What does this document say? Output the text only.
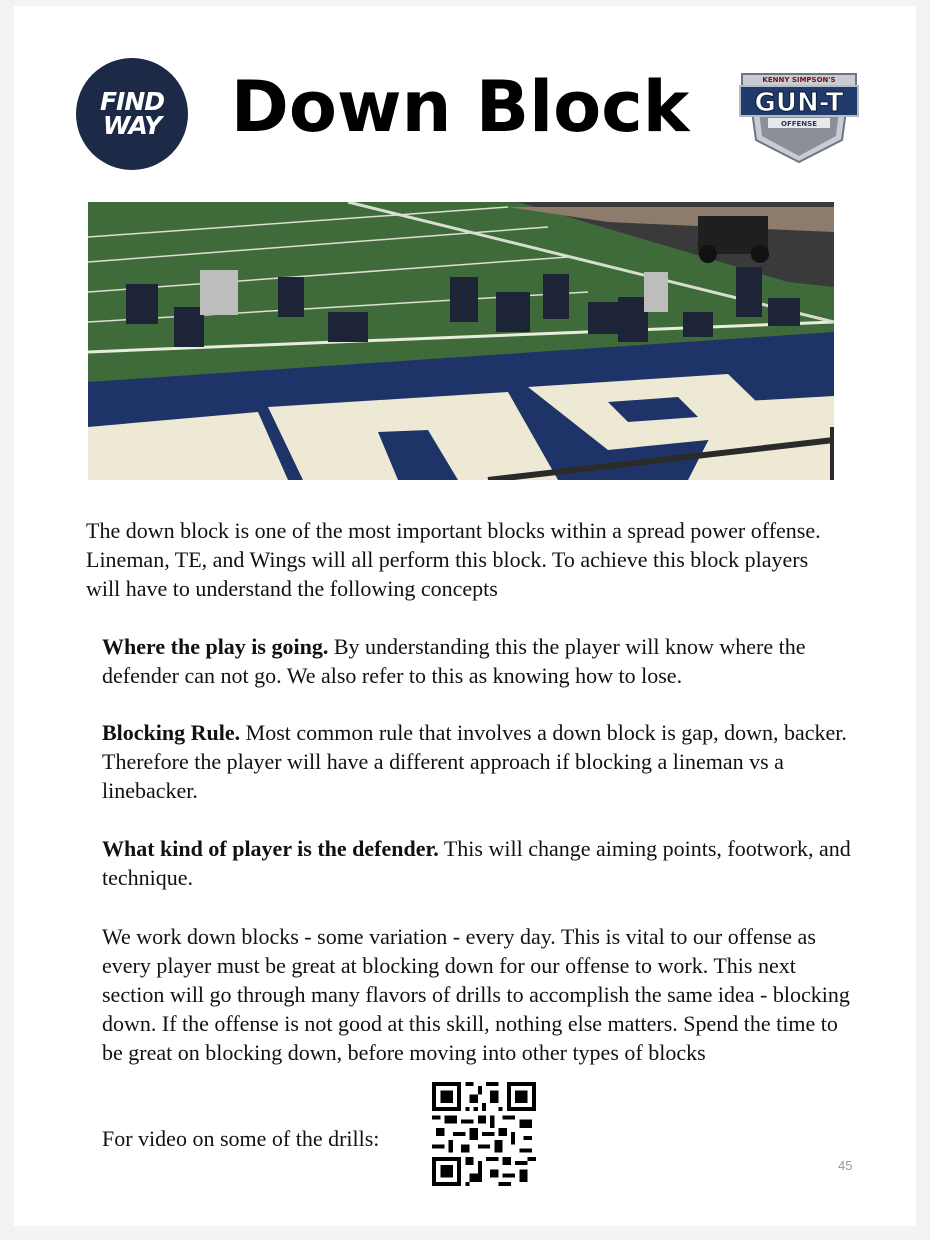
FIND
WAY Down Block	KENNY SIMPSON'S
GUN-T
OFFENSE

The down block is one of the most important blocks within a spread power offense. Lineman, TE, and Wings will all perform this block. To achieve this block players will have to understand the following concepts

Where the play is going. By understanding this the player will know where the defender can not go. We also refer to this as knowing how to lose.

Blocking Rule. Most common rule that involves a down block is gap, down, backer. Therefore the player will have a different approach if blocking a lineman vs a linebacker.

What kind of player is the defender. This will change aiming points, footwork, and technique.

We work down blocks - some variation - every day. This is vital to our offense as every player must be great at blocking down for our offense to work. This next section will go through many flavors of drills to accomplish the same idea - blocking down. If the offense is not good at this skill, nothing else matters. Spend the time to be great on blocking down, before moving into other types of blocks

For video on some of the drills:

45
